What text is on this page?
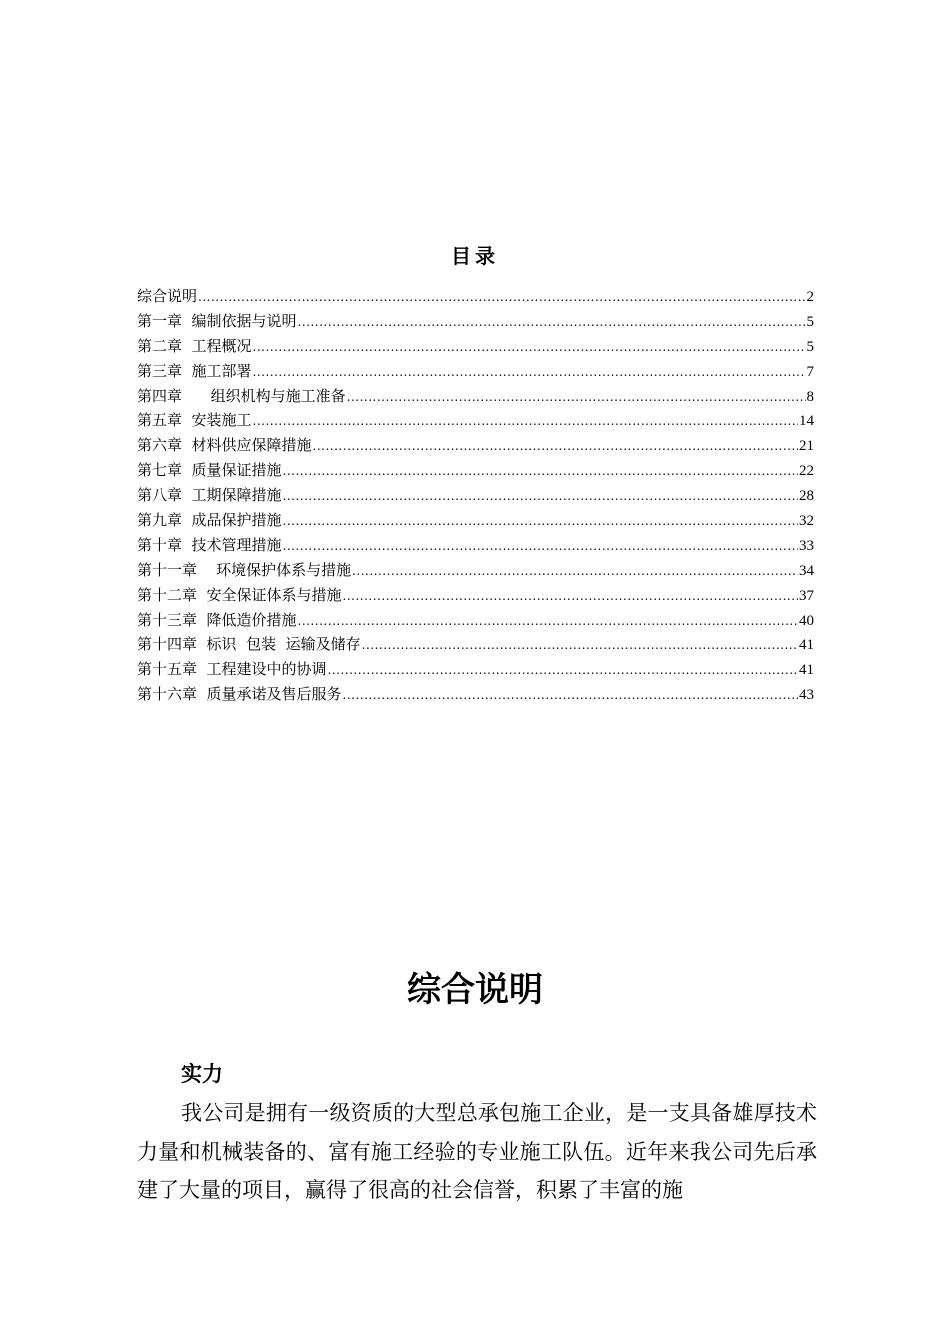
目录
综合说明 .....	2
第一章  编制依据与说明 .....	5
第二章  工程概况 .....	5
第三章  施工部署 .....	7
第四章      组织机构与施工准备 .....	8
第五章  安装施工 .....	14
第六章  材料供应保障措施 .....	21
第七章  质量保证措施 .....	22
第八章  工期保障措施 .....	28
第九章  成品保护措施 .....	32
第十章  技术管理措施 .....	33
第十一章    环境保护体系与措施 .....	34
第十二章  安全保证体系与措施 .....	37
第十三章  降低造价措施 .....	40
第十四章  标识  包装  运输及储存 .....	41
第十五章  工程建设中的协调 .....	41
第十六章  质量承诺及售后服务 .....	43
综合说明
实力
我公司是拥有一级资质的大型总承包施工企业，是一支具备雄厚技术力量和机械装备的、富有施工经验的专业施工队伍。近年来我公司先后承建了大量的项目，赢得了很高的社会信誉，积累了丰富的施
